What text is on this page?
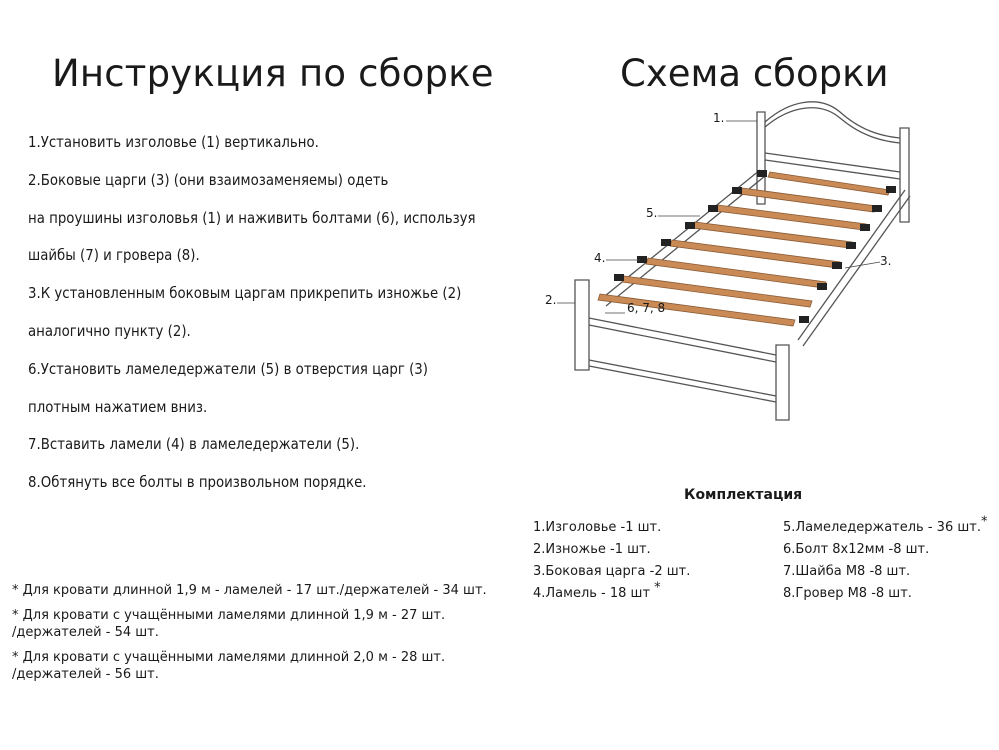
Инструкция по сборке	Схема сборки
1.Установить изголовье (1) вертикально.
2.Боковые царги (3) (они взаимозаменяемы) одеть
на проушины изголовья (1) и наживить болтами (6), используя
шайбы (7) и гровера (8).
3.К установленным боковым царгам прикрепить изножье (2)
аналогично пункту (2).
6.Установить ламеледержатели (5) в отверстия царг (3)
плотным нажатием вниз.
7.Вставить ламели (4) в ламеледержатели (5).
8.Обтянуть все болты в произвольном порядке.
* Для кровати длинной 1,9 м - ламелей - 17 шт./держателей - 34 шт.
* Для кровати с учащёнными ламелями длинной 1,9 м - 27 шт.
/держателей - 54 шт.
* Для кровати с учащёнными ламелями длинной 2,0 м - 28 шт.
/держателей - 56 шт.
Комплектация
1.Изголовье -1 шт.
2.Изножье -1 шт.
3.Боковая царга -2 шт.
4.Ламель - 18 шт *
5.Ламеледержатель - 36 шт.*
6.Болт 8х12мм -8 шт.
7.Шайба М8 -8 шт.
8.Гровер М8 -8 шт.
1.
5.
4.
2.
6, 7, 8
3.
